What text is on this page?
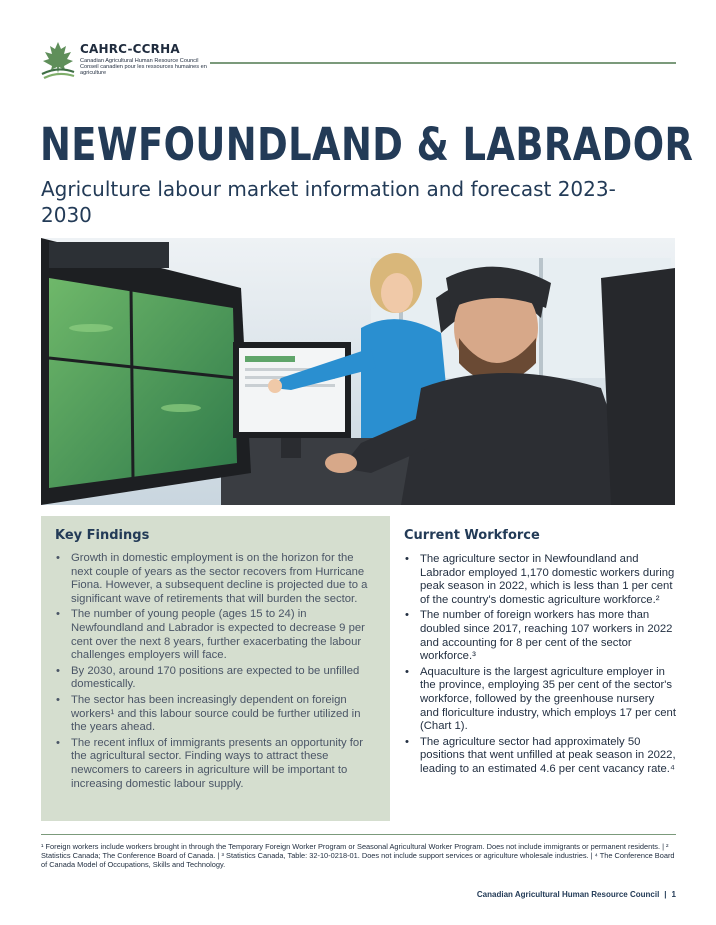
CAHRC-CCRHA
Canadian Agricultural Human Resource Council
Conseil canadien pour les ressources humaines en agriculture
NEWFOUNDLAND & LABRADOR
Agriculture labour market information and forecast 2023-2030
Key Findings
• Growth in domestic employment is on the horizon for the next couple of years as the sector recovers from Hurricane Fiona. However, a subsequent decline is projected due to a significant wave of retirements that will burden the sector.
• The number of young people (ages 15 to 24) in Newfoundland and Labrador is expected to decrease 9 per cent over the next 8 years, further exacerbating the labour challenges employers will face.
• By 2030, around 170 positions are expected to be unfilled domestically.
• The sector has been increasingly dependent on foreign workers¹ and this labour source could be further utilized in the years ahead.
• The recent influx of immigrants presents an opportunity for the agricultural sector. Finding ways to attract these newcomers to careers in agriculture will be important to increasing domestic labour supply.
Current Workforce
• The agriculture sector in Newfoundland and Labrador employed 1,170 domestic workers during peak season in 2022, which is less than 1 per cent of the country's domestic agriculture workforce.²
• The number of foreign workers has more than doubled since 2017, reaching 107 workers in 2022 and accounting for 8 per cent of the sector workforce.³
• Aquaculture is the largest agriculture employer in the province, employing 35 per cent of the sector's workforce, followed by the greenhouse nursery and floriculture industry, which employs 17 per cent (Chart 1).
• The agriculture sector had approximately 50 positions that went unfilled at peak season in 2022, leading to an estimated 4.6 per cent vacancy rate.⁴
¹ Foreign workers include workers brought in through the Temporary Foreign Worker Program or Seasonal Agricultural Worker Program. Does not include immigrants or permanent residents. | ² Statistics Canada; The Conference Board of Canada. | ³ Statistics Canada, Table: 32-10-0218-01. Does not include support services or agriculture wholesale industries. | ⁴ The Conference Board of Canada Model of Occupations, Skills and Technology.
Canadian Agricultural Human Resource Council | 1
